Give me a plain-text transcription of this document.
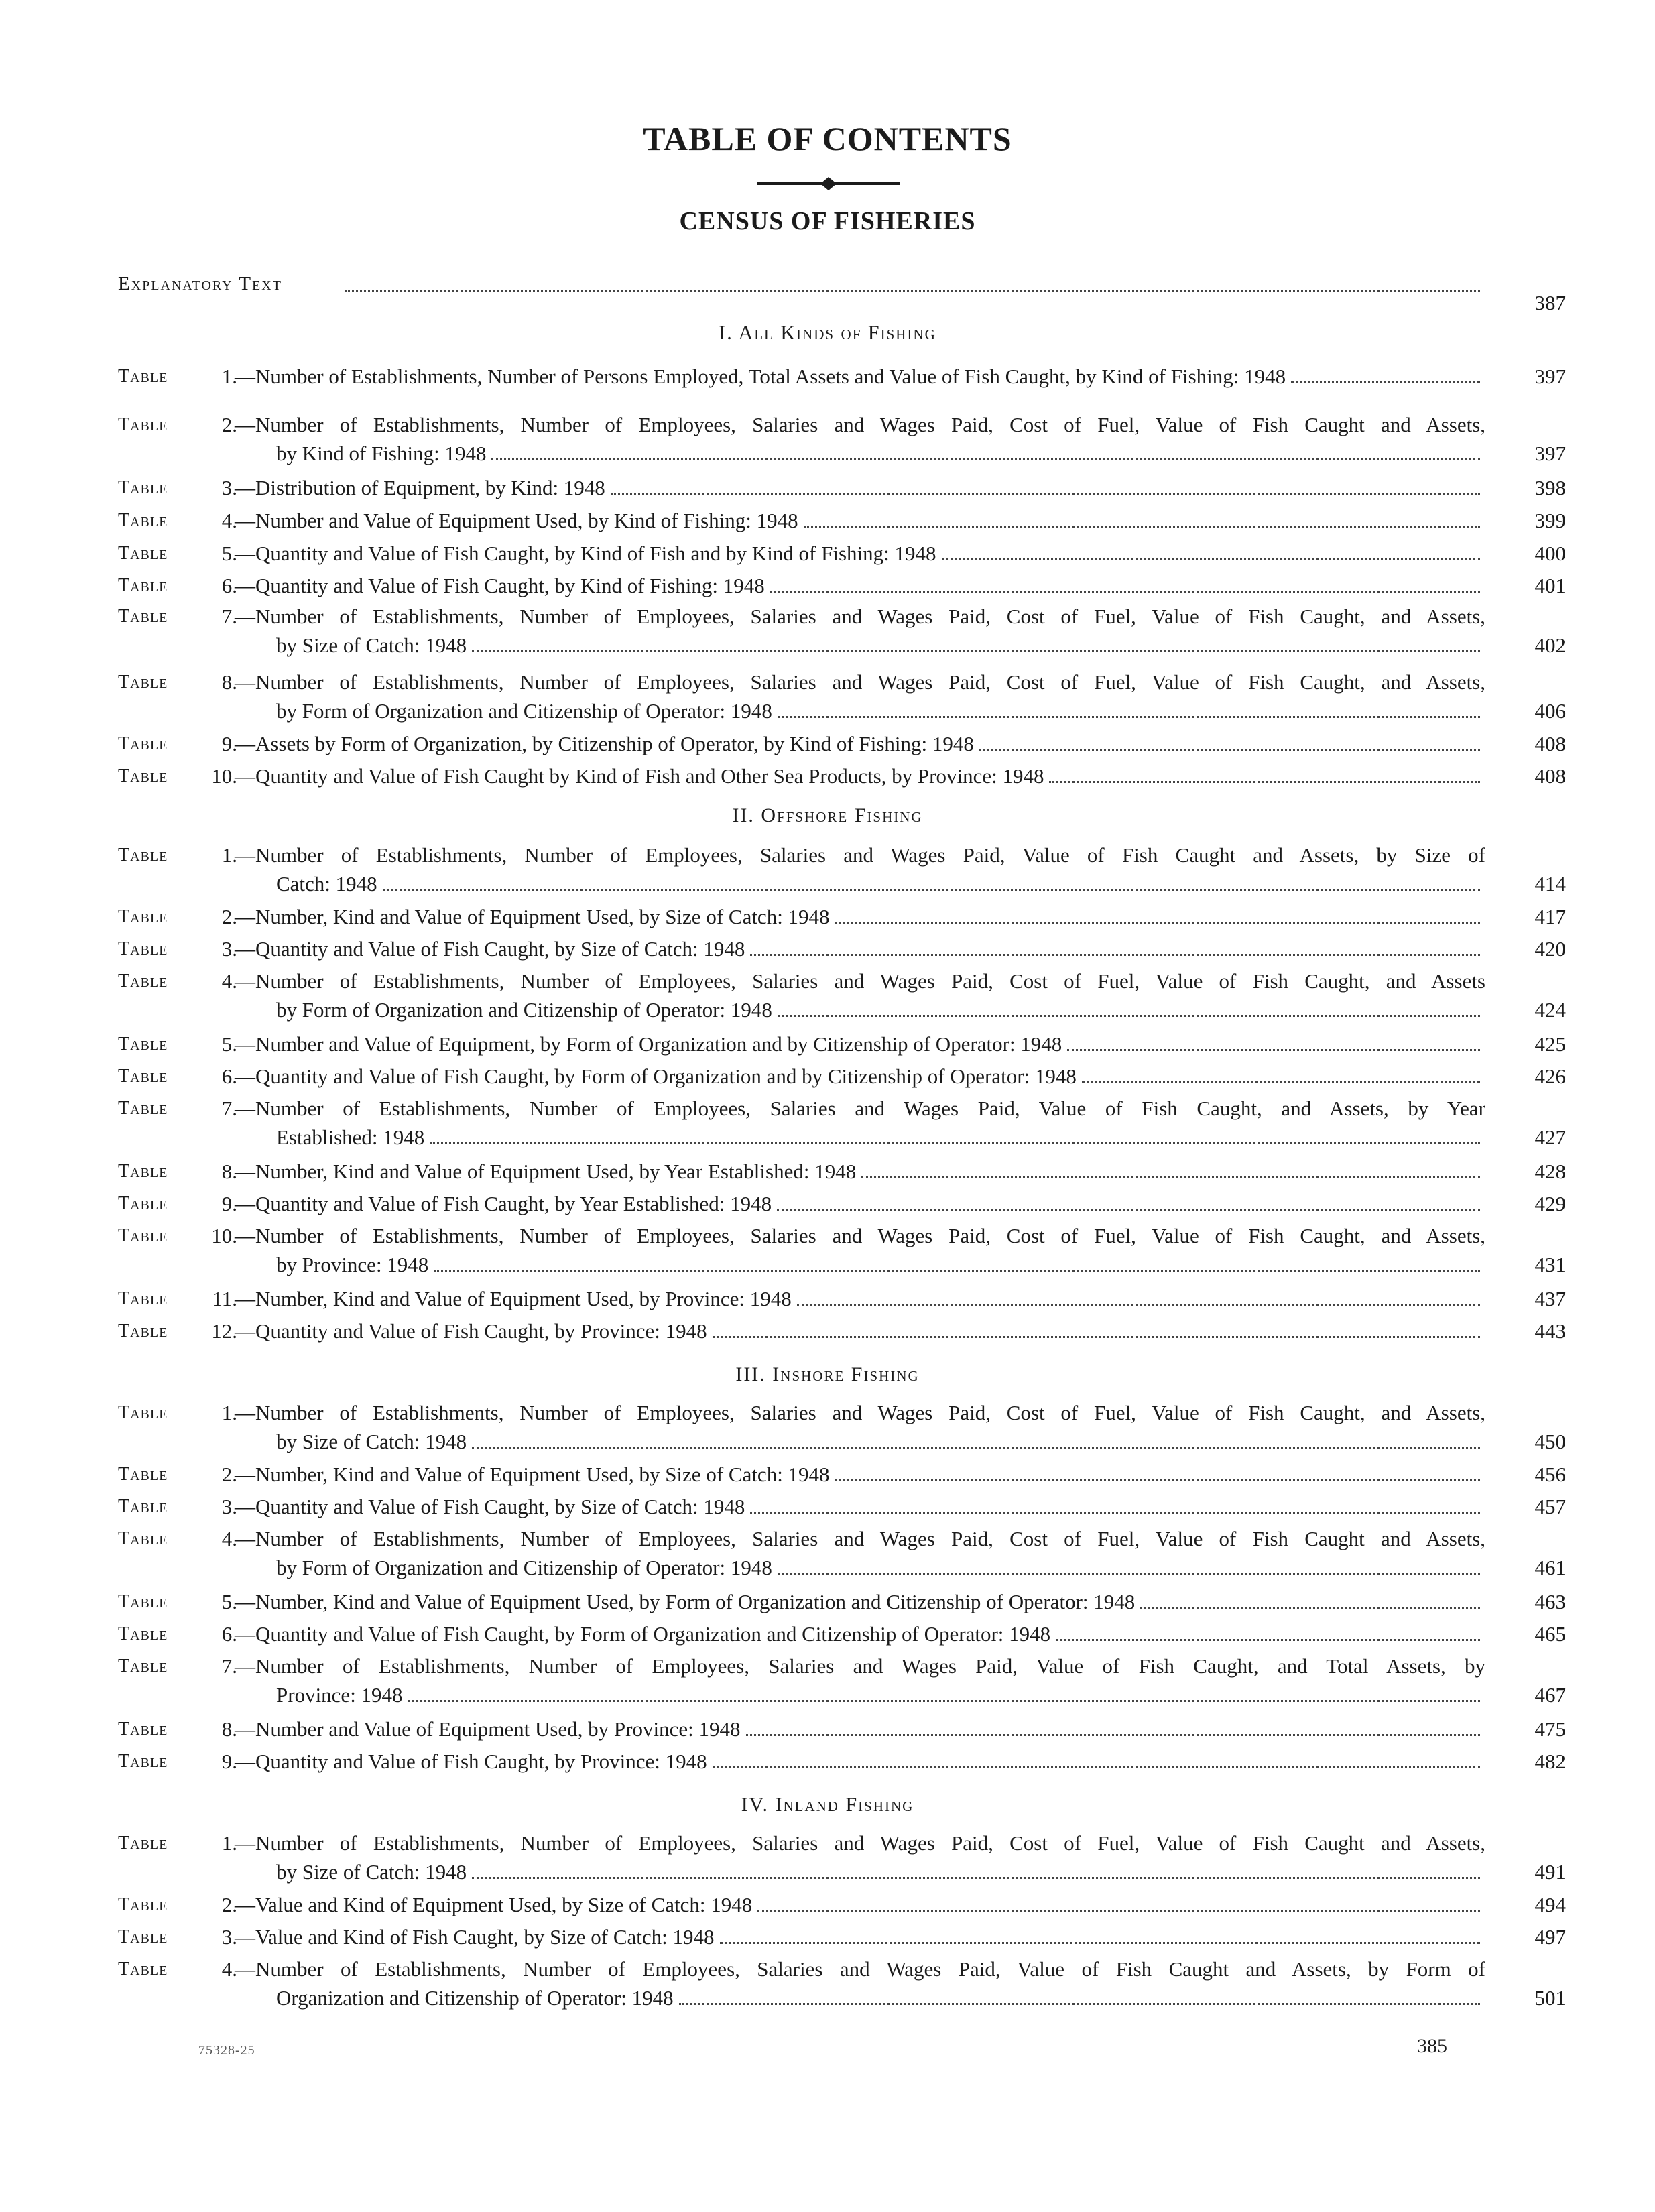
TABLE OF CONTENTS
CENSUS OF FISHERIES
Explanatory Text
387
I. All Kinds of Fishing
Table	1.
—Number of Establishments, Number of Persons Employed, Total Assets and Value of Fish Caught, by Kind of Fishing: 1948	397
Table	2.
—Number of Establishments, Number of Employees, Salaries and Wages Paid, Cost of Fuel, Value of Fish Caught and Assets,
by Kind of Fishing: 1948	397
Table	3.
—Distribution of Equipment, by Kind: 1948	398
Table	4.
—Number and Value of Equipment Used, by Kind of Fishing: 1948	399
Table	5.
—Quantity and Value of Fish Caught, by Kind of Fish and by Kind of Fishing: 1948	400
Table	6.
—Quantity and Value of Fish Caught, by Kind of Fishing: 1948	401
Table	7.
—Number of Establishments, Number of Employees, Salaries and Wages Paid, Cost of Fuel, Value of Fish Caught, and Assets,
by Size of Catch: 1948	402
Table	8.
—Number of Establishments, Number of Employees, Salaries and Wages Paid, Cost of Fuel, Value of Fish Caught, and Assets,
by Form of Organization and Citizenship of Operator: 1948	406
Table	9.
—Assets by Form of Organization, by Citizenship of Operator, by Kind of Fishing: 1948	408
Table	10.
—Quantity and Value of Fish Caught by Kind of Fish and Other Sea Products, by Province: 1948	408
II. Offshore Fishing
Table	1.
—Number of Establishments, Number of Employees, Salaries and Wages Paid, Value of Fish Caught and Assets, by Size of
Catch: 1948	414
Table	2.
—Number, Kind and Value of Equipment Used, by Size of Catch: 1948	417
Table	3.
—Quantity and Value of Fish Caught, by Size of Catch: 1948	420
Table	4.
—Number of Establishments, Number of Employees, Salaries and Wages Paid, Cost of Fuel, Value of Fish Caught, and Assets
by Form of Organization and Citizenship of Operator: 1948	424
Table	5.
—Number and Value of Equipment, by Form of Organization and by Citizenship of Operator: 1948	425
Table	6.
—Quantity and Value of Fish Caught, by Form of Organization and by Citizenship of Operator: 1948	426
Table	7.
—Number of Establishments, Number of Employees, Salaries and Wages Paid, Value of Fish Caught, and Assets, by Year
Established: 1948	427
Table	8.
—Number, Kind and Value of Equipment Used, by Year Established: 1948	428
Table	9.
—Quantity and Value of Fish Caught, by Year Established: 1948	429
Table	10.
—Number of Establishments, Number of Employees, Salaries and Wages Paid, Cost of Fuel, Value of Fish Caught, and Assets,
by Province: 1948	431
Table	11.
—Number, Kind and Value of Equipment Used, by Province: 1948	437
Table	12.
—Quantity and Value of Fish Caught, by Province: 1948	443
III. Inshore Fishing
Table	1.
—Number of Establishments, Number of Employees, Salaries and Wages Paid, Cost of Fuel, Value of Fish Caught, and Assets,
by Size of Catch: 1948	450
Table	2.
—Number, Kind and Value of Equipment Used, by Size of Catch: 1948	456
Table	3.
—Quantity and Value of Fish Caught, by Size of Catch: 1948	457
Table	4.
—Number of Establishments, Number of Employees, Salaries and Wages Paid, Cost of Fuel, Value of Fish Caught and Assets,
by Form of Organization and Citizenship of Operator: 1948	461
Table	5.
—Number, Kind and Value of Equipment Used, by Form of Organization and Citizenship of Operator: 1948	463
Table	6.
—Quantity and Value of Fish Caught, by Form of Organization and Citizenship of Operator: 1948	465
Table	7.
—Number of Establishments, Number of Employees, Salaries and Wages Paid, Value of Fish Caught, and Total Assets, by
Province: 1948	467
Table	8.
—Number and Value of Equipment Used, by Province: 1948	475
Table	9.
—Quantity and Value of Fish Caught, by Province: 1948	482
IV. Inland Fishing
Table	1.
—Number of Establishments, Number of Employees, Salaries and Wages Paid, Cost of Fuel, Value of Fish Caught and Assets,
by Size of Catch: 1948	491
Table	2.
—Value and Kind of Equipment Used, by Size of Catch: 1948	494
Table	3.
—Value and Kind of Fish Caught, by Size of Catch: 1948	497
Table	4.
—Number of Establishments, Number of Employees, Salaries and Wages Paid, Value of Fish Caught and Assets, by Form of
Organization and Citizenship of Operator: 1948	501
75328-25	385
